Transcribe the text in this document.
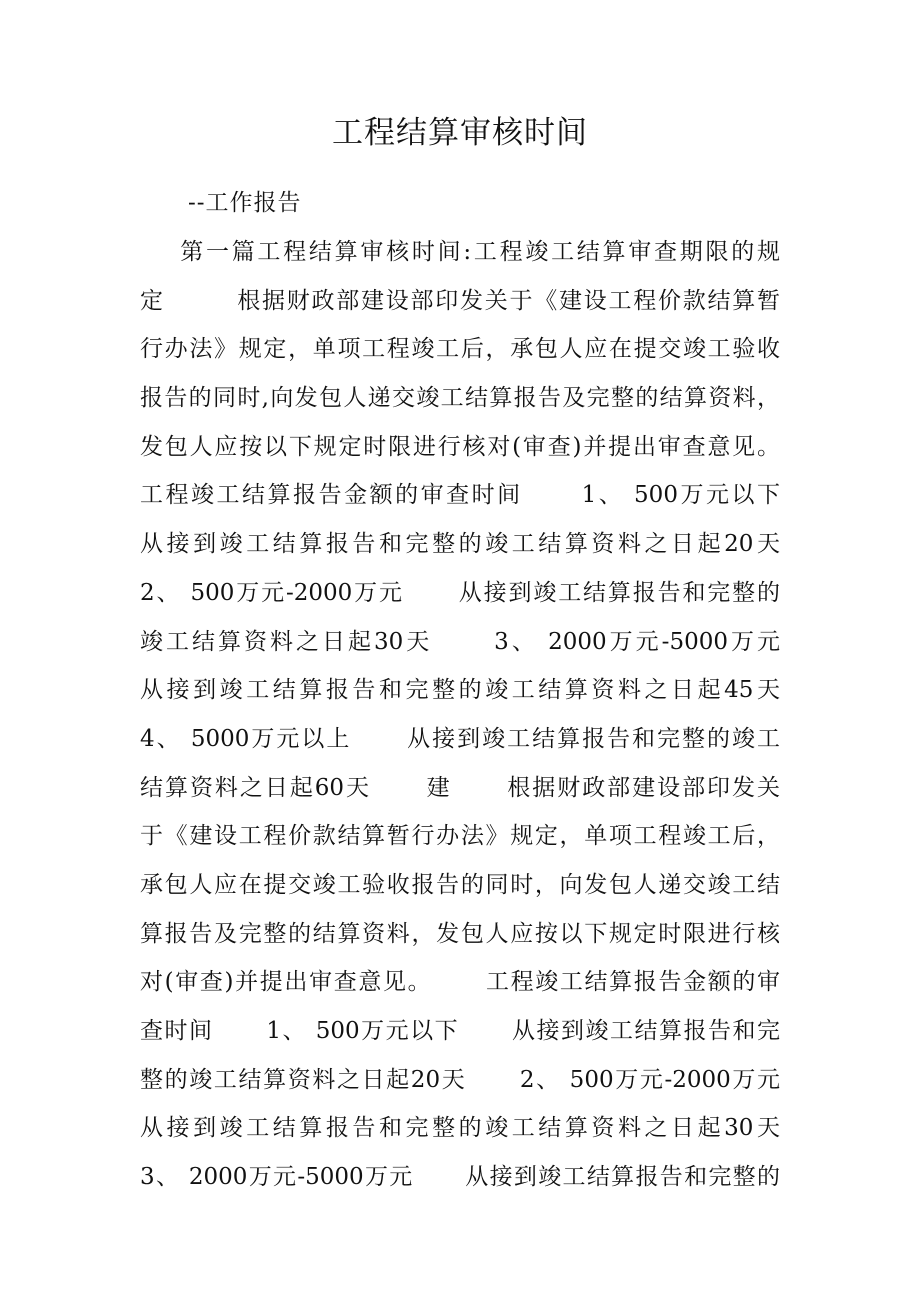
工程结算审核时间
--工作报告
第一篇工程结算审核时间:工程竣工结算审查期限的规
定        根据财政部建设部印发关于《建设工程价款结算暂
行办法》规定，单项工程竣工后，承包人应在提交竣工验收
报告的同时,向发包人递交竣工结算报告及完整的结算资料，
发包人应按以下规定时限进行核对(审查)并提出审查意见。
工程竣工结算报告金额的审查时间      1、 500万元以下
从接到竣工结算报告和完整的竣工结算资料之日起20天
2、 500万元-2000万元      从接到竣工结算报告和完整的
竣工结算资料之日起30天      3、 2000万元-5000万元
从接到竣工结算报告和完整的竣工结算资料之日起45天
4、 5000万元以上      从接到竣工结算报告和完整的竣工
结算资料之日起60天      建      根据财政部建设部印发关
于《建设工程价款结算暂行办法》规定，单项工程竣工后，
承包人应在提交竣工验收报告的同时，向发包人递交竣工结
算报告及完整的结算资料，发包人应按以下规定时限进行核
对(审查)并提出审查意见。      工程竣工结算报告金额的审
查时间      1、 500万元以下      从接到竣工结算报告和完
整的竣工结算资料之日起20天      2、 500万元-2000万元
从接到竣工结算报告和完整的竣工结算资料之日起30天
3、 2000万元-5000万元      从接到竣工结算报告和完整的
